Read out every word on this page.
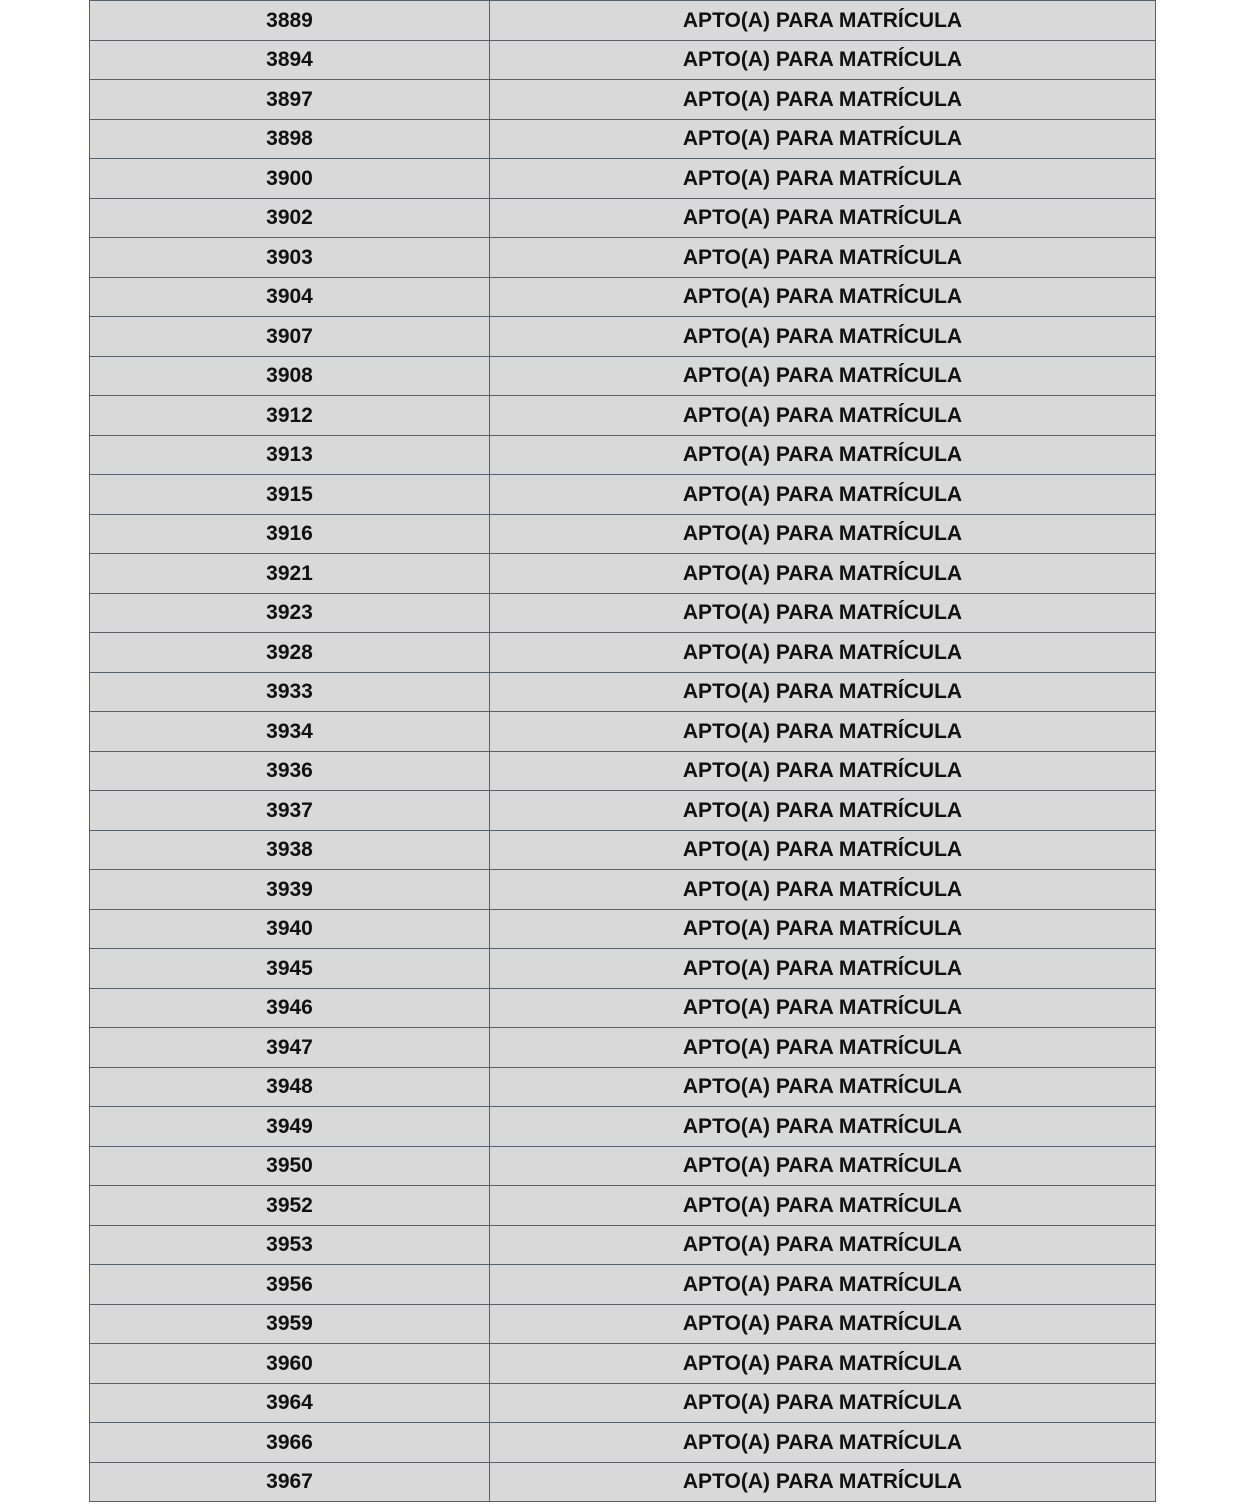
3889	APTO(A) PARA MATRÍCULA
3894	APTO(A) PARA MATRÍCULA
3897	APTO(A) PARA MATRÍCULA
3898	APTO(A) PARA MATRÍCULA
3900	APTO(A) PARA MATRÍCULA
3902	APTO(A) PARA MATRÍCULA
3903	APTO(A) PARA MATRÍCULA
3904	APTO(A) PARA MATRÍCULA
3907	APTO(A) PARA MATRÍCULA
3908	APTO(A) PARA MATRÍCULA
3912	APTO(A) PARA MATRÍCULA
3913	APTO(A) PARA MATRÍCULA
3915	APTO(A) PARA MATRÍCULA
3916	APTO(A) PARA MATRÍCULA
3921	APTO(A) PARA MATRÍCULA
3923	APTO(A) PARA MATRÍCULA
3928	APTO(A) PARA MATRÍCULA
3933	APTO(A) PARA MATRÍCULA
3934	APTO(A) PARA MATRÍCULA
3936	APTO(A) PARA MATRÍCULA
3937	APTO(A) PARA MATRÍCULA
3938	APTO(A) PARA MATRÍCULA
3939	APTO(A) PARA MATRÍCULA
3940	APTO(A) PARA MATRÍCULA
3945	APTO(A) PARA MATRÍCULA
3946	APTO(A) PARA MATRÍCULA
3947	APTO(A) PARA MATRÍCULA
3948	APTO(A) PARA MATRÍCULA
3949	APTO(A) PARA MATRÍCULA
3950	APTO(A) PARA MATRÍCULA
3952	APTO(A) PARA MATRÍCULA
3953	APTO(A) PARA MATRÍCULA
3956	APTO(A) PARA MATRÍCULA
3959	APTO(A) PARA MATRÍCULA
3960	APTO(A) PARA MATRÍCULA
3964	APTO(A) PARA MATRÍCULA
3966	APTO(A) PARA MATRÍCULA
3967	APTO(A) PARA MATRÍCULA
